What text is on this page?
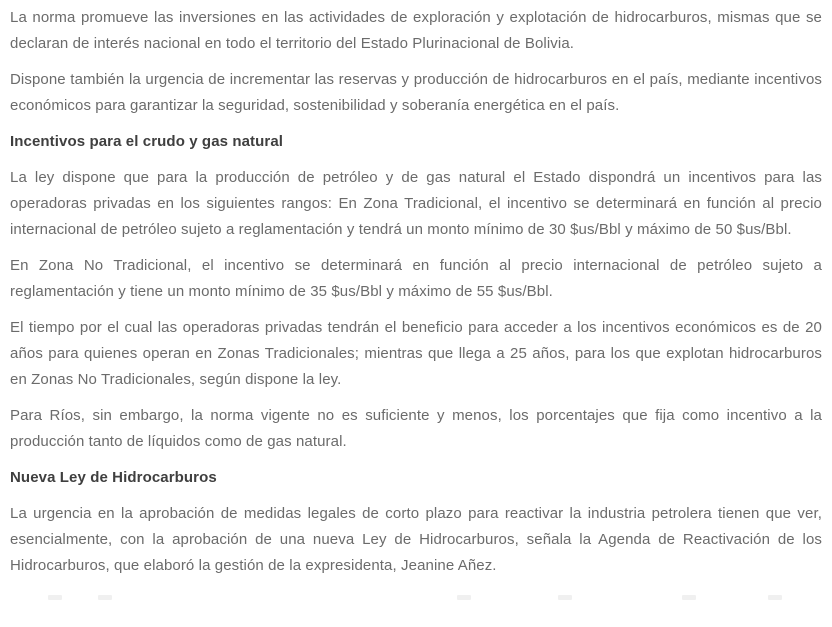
La norma promueve las inversiones en las actividades de exploración y explotación de hidrocarburos, mismas que se declaran de interés nacional en todo el territorio del Estado Plurinacional de Bolivia.

Dispone también la urgencia de incrementar las reservas y producción de hidrocarburos en el país, mediante incentivos económicos para garantizar la seguridad, sostenibilidad y soberanía energética en el país.

Incentivos para el crudo y gas natural

La ley dispone que para la producción de petróleo y de gas natural el Estado dispondrá un incentivos para las operadoras privadas en los siguientes rangos: En Zona Tradicional, el incentivo se determinará en función al precio internacional de petróleo sujeto a reglamentación y tendrá un monto mínimo de 30 $us/Bbl y máximo de 50 $us/Bbl.

En Zona No Tradicional, el incentivo se determinará en función al precio internacional de petróleo sujeto a reglamentación y tiene un monto mínimo de 35 $us/Bbl y máximo de 55 $us/Bbl.

El tiempo por el cual las operadoras privadas tendrán el beneficio para acceder a los incentivos económicos es de 20 años para quienes operan en Zonas Tradicionales; mientras que llega a 25 años, para los que explotan hidrocarburos en Zonas No Tradicionales, según dispone la ley.

Para Ríos, sin embargo, la norma vigente no es suficiente y menos, los porcentajes que fija como incentivo a la producción tanto de líquidos como de gas natural.

Nueva Ley de Hidrocarburos

La urgencia en la aprobación de medidas legales de corto plazo para reactivar la industria petrolera tienen que ver, esencialmente, con la aprobación de una nueva Ley de Hidrocarburos, señala la Agenda de Reactivación de los Hidrocarburos, que elaboró la gestión de la expresidenta, Jeanine Añez.
